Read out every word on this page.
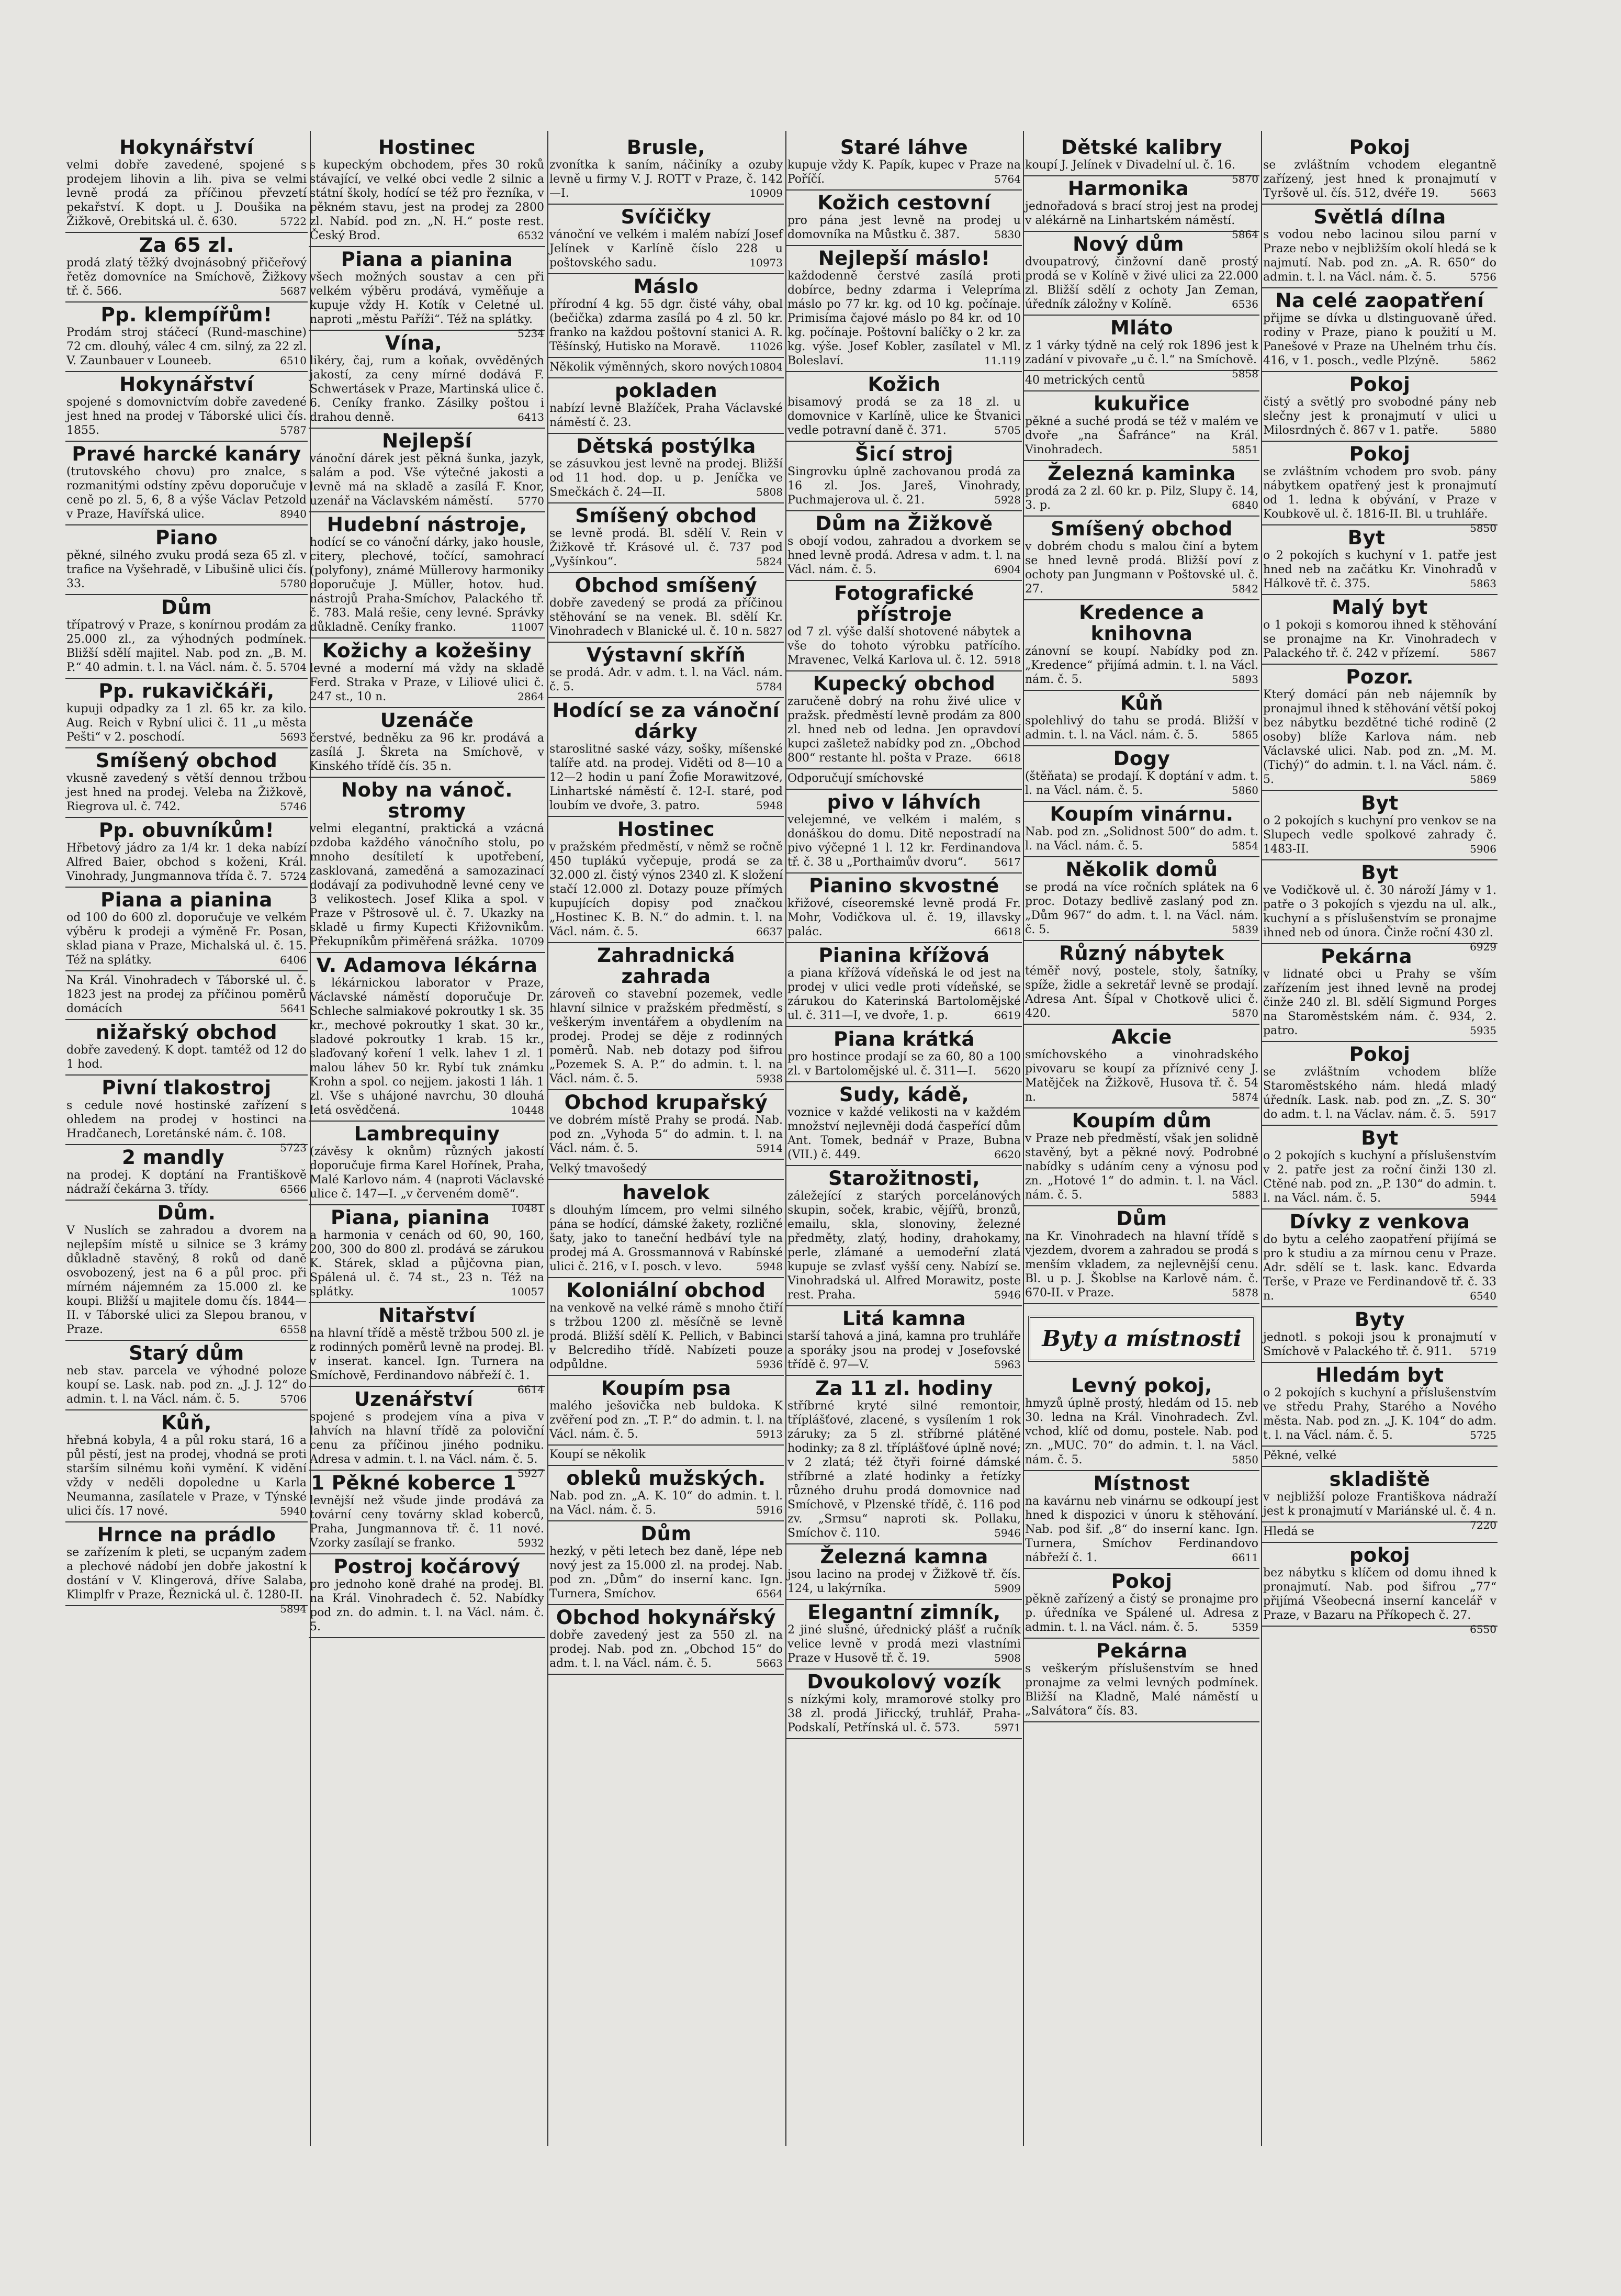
Hokynářství
velmi dobře zavedené, spojené s prodejem lihovin a lih. piva se velmi levně prodá za příčinou převzetí pekařství. K dopt. u J. Doušika na Žižkově, Orebitská ul. č. 630.	5722
Za 65 zl.
prodá zlatý těžký dvojnásobný přičeřový řetěz domovníce na Smíchově, Žižkovy tř. č. 566.	5687
Pp. klempířům!
Prodám stroj stáčecí (Rund-maschine) 72 cm. dlouhý, válec 4 cm. silný, za 22 zl. V. Zaunbauer v Louneeb.	6510
Hokynářství
spojené s domovnictvím dobře zavedené jest hned na prodej v Táborské ulici čís. 1855.	5787
Pravé harcké kanáry
(trutovského chovu) pro znalce, s rozmanitými odstíny zpěvu doporučuje v ceně po zl. 5, 6, 8 a výše Václav Petzold v Praze, Havířská ulice.	8940
Piano
pěkné, silného zvuku prodá seza 65 zl. v trafice na Vyšehradě, v Libušině ulici čís. 33.	5780
Dům
třípatrový v Praze, s konírnou prodám za 25.000 zl., za výhodných podmínek. Bližší sdělí majitel. Nab. pod zn. „B. M. P.“ 40 admin. t. l. na Václ. nám. č. 5. 5704
Pp. rukavičkáři,
kupuji odpadky za 1 zl. 65 kr. za kilo. Aug. Reich v Rybní ulici č. 11 „u města Pešti“ v 2. poschodí.	5693
Smíšený obchod
vkusně zavedený s větší dennou tržbou jest hned na prodej. Veleba na Žižkově, Riegrova ul. č. 742.	5746
Pp. obuvníkům!
Hřbetový jádro za 1/4 kr. 1 deka nabízí Alfred Baier, obchod s koženi, Král. Vinohrady, Jungmannova třída č. 7. 5724
Piana a pianina
od 100 do 600 zl. doporučuje ve velkém výběru k prodeji a výměně Fr. Posan, sklad piana v Praze, Michalská ul. č. 15. Též na splátky.	6406
Na Král. Vinohradech v Táborské ul. č. 1823 jest na prodej za příčinou poměrů domácích	5641
nižařský obchod
dobře zavedený. K dopt. tamtéž od 12 do 1 hod.
Pivní tlakostroj
s cedule nové hostinské zařízení s ohledem na prodej v hostinci na Hradčanech, Loretánské nám. č. 108.
5723
2 mandly
na prodej. K doptání na Františkově nádraží čekárna 3. třídy.	6566
Dům.
V Nuslích se zahradou a dvorem na nejlepším místě u silnice se 3 krámy důkladně stavěný, 8 roků od daně osvobozený, jest na 6 a půl proc. při mírném nájemném za 15.000 zl. ke koupi. Bližší u majitele domu čís. 1844—II. v Táborské ulici za Slepou branou, v Praze.	6558
Starý dům
neb stav. parcela ve výhodné poloze koupí se. Lask. nab. pod zn. „J. J. 12“ do admin. t. l. na Václ. nám. č. 5.	5706
Kůň,
hřebná kobyla, 4 a půl roku stará, 16 a půl pěstí, jest na prodej, vhodná se proti starším silnému koňi vymění. K vidění vždy v neděli dopoledne u Karla Neumanna, zasílatele v Praze, v Týnské ulici čís. 17 nové.	5940
Hrnce na prádlo
se zařízením k pleti, se ucpaným zadem a plechové nádobí jen dobře jakostní k dostání v V. Klingerová, dříve Salaba, Klimplfr v Praze, Řeznická ul. č. 1280-II.
5894
Hostinec
s kupeckým obchodem, přes 30 roků stávající, ve velké obci vedle 2 silnic a státní školy, hodící se též pro řezníka, v pěkném stavu, jest na prodej za 2800 zl. Nabíd. pod zn. „N. H.“ poste rest. Český Brod.	6532
Piana a pianina
všech možných soustav a cen při velkém výběru prodává, vyměňuje a kupuje vždy H. Kotík v Celetné ul. naproti „městu Paříži“. Též na splátky.
5234
Vína,
likéry, čaj, rum a koňak, ovvěděných jakostí, za ceny mírné dodává F. Schwertásek v Praze, Martinská ulice č. 6. Ceníky franko. Zásilky poštou i drahou denně.	6413
Nejlepší
vánoční dárek jest pěkná šunka, jazyk, salám a pod. Vše výtečné jakosti a levně má na skladě a zasílá F. Knor, uzenář na Václavském náměstí. 5770
Hudební nástroje,
hodící se co vánoční dárky, jako housle, citery, plechové, točící, samohrací (polyfony), známé Müllerovy harmoniky doporučuje J. Müller, hotov. hud. nástrojů Praha-Smíchov, Palackého tř. č. 783. Malá rešie, ceny levné. Správky důkladně. Ceníky franko.	11007
Kožichy a kožešiny
levné a moderní má vždy na skladě Ferd. Straka v Praze, v Liliové ulici č. 247 st., 10 n.	2864
Uzenáče
čerstvé, bedněku za 96 kr. prodává a zasílá J. Škreta na Smíchově, v Kinského třídě čís. 35 n.
Noby na vánoč. stromy
velmi elegantní, praktická a vzácná ozdoba každého vánočního stolu, po mnoho desítiletí k upotřebení, zasklovaná, zameděná a samozazinací dodávají za podivuhodně levné ceny ve 3 velikostech. Josef Klika a spol. v Praze v Pštrosově ul. č. 7. Ukazky na skladě u firmy Kupecti Křižovnikům. Překupníkům přiměřená srážka. 10709
V. Adamova lékárna
s lékárnickou laborator v Praze, Václavské náměstí doporučuje Dr. Schleche salmiakové pokroutky 1 sk. 35 kr., mechové pokroutky 1 skat. 30 kr., sladové pokroutky 1 krab. 15 kr., slaďovaný koření 1 velk. lahev 1 zl. 1 malou láhev 50 kr. Rybí tuk známku Krohn a spol. co nejjem. jakosti 1 láh. 1 zl. Vše s uhájoné navrchu, 30 dlouhá letá osvědčená.	10448
Lambrequiny
(závěsy k oknům) různých jakostí doporučuje firma Karel Hořínek, Praha, Malé Karlovo nám. 4 (naproti Václavské ulice č. 147—I. „v červeném domě“.
10481
Piana, pianina
a harmonia v cenách od 60, 90, 160, 200, 300 do 800 zl. prodává se zárukou K. Stárek, sklad a půjčovna pian, Spálená ul. č. 74 st., 23 n. Též na splátky.	10057
Nitařství
na hlavní třídě a městě tržbou 500 zl. je z rodinných poměrů levně na prodej. Bl. v inserat. kancel. Ign. Turnera na Smíchově, Ferdinandovo nábřeží č. 1.
6614
Uzenářství
spojené s prodejem vína a piva v lahvích na hlavní třídě za poloviční cenu za příčinou jiného podniku. Adresa v admin. t. l. na Václ. nám. č. 5.
5927
1 Pěkné koberce 1
levnější než všude jinde prodává za tovární ceny továrny sklad koberců, Praha, Jungmannova tř. č. 11 nové. Vzorky zasílají se franko.	5932
Postroj kočárový
pro jednoho koně drahé na prodej. Bl. na Král. Vinohradech č. 52. Nabídky pod zn. do admin. t. l. na Václ. nám. č. 5.
Brusle,
zvonítka k saním, náčiníky a ozuby levně u firmy V. J. ROTT v Praze, č. 142—I.	10909
Svíčičky
vánoční ve velkém i malém nabízí Josef Jelínek v Karlíně číslo 228 u poštovského sadu.	10973
Máslo
přírodní 4 kg. 55 dgr. čisté váhy, obal (bečička) zdarma zasílá po 4 zl. 50 kr. franko na každou poštovní stanici A. R. Těšínský, Hutisko na Moravě.	11026
Několik výměnných, skoro nových 10804
pokladen
nabízí levně Blažíček, Praha Václavské náměstí č. 23.
Dětská postýlka
se zásuvkou jest levně na prodej. Bližší od 11 hod. dop. u p. Jeníčka ve Smečkách č. 24—II.	5808
Smíšený obchod
se levně prodá. Bl. sdělí V. Rein v Žižkově tř. Krásové ul. č. 737 pod „Vyšínkou“.	5824
Obchod smíšený
dobře zavedený se prodá za příčinou stěhování se na venek. Bl. sdělí Kr. Vinohradech v Blanické ul. č. 10 n. 5827
Výstavní skříň
se prodá. Adr. v adm. t. l. na Václ. nám. č. 5.	5784
Hodící se za vánoční dárky
staroslitné saské vázy, sošky, míšenské talíře atd. na prodej. Viděti od 8—10 a 12—2 hodin u paní Žofie Morawitzové, Linhartské náměstí č. 12-I. staré, pod loubím ve dvoře, 3. patro.	5948
Hostinec
v pražském předměstí, v němž se ročně 450 tuplákú vyčepuje, prodá se za 32.000 zl. čistý výnos 2340 zl. K složení stačí 12.000 zl. Dotazy pouze přímých kupujících dopisy pod značkou „Hostinec K. B. N.“ do admin. t. l. na Václ. nám. č. 5.	6637
Zahradnická zahrada
zároveň co stavební pozemek, vedle hlavní silnice v pražském předměstí, s veškerým inventářem a obydlením na prodej. Prodej se děje z rodinných poměrů. Nab. neb dotazy pod šifrou „Pozemek S. A. P.“ do admin. t. l. na Václ. nám. č. 5.	5938
Obchod krupařský
ve dobrém místě Prahy se prodá. Nab. pod zn. „Vyhoda 5“ do admin. t. l. na Václ. nám. č. 5.	5914
Velký tmavošedý
havelok
s dlouhým límcem, pro velmi silného pána se hodící, dámské žakety, rozličné šaty, jako to taneční hedbáví tyle na prodej má A. Grossmannová v Rabínské ulici č. 216, v I. posch. v levo.	5948
Koloniální obchod
na venkově na velké rámě s mnoho čtiří s tržbou 1200 zl. měsíčně se levně prodá. Bližší sdělí K. Pellich, v Babinci v Belcrediho třídě. Nabízeti pouze odpůldne.	5936
Koupím psa
malého ješovička neb buldoka. K zvěření pod zn. „T. P.“ do admin. t. l. na Václ. nám. č. 5.	5913
Koupí se několik
obleků mužských.
Nab. pod zn. „A. K. 10“ do admin. t. l. na Václ. nám. č. 5.	5916
Dům
hezký, v pěti letech bez daně, lépe neb nový jest za 15.000 zl. na prodej. Nab. pod zn. „Dům“ do inserní kanc. Ign. Turnera, Smíchov.	6564
Obchod hokynářský
dobře zavedený jest za 550 zl. na prodej. Nab. pod zn. „Obchod 15“ do adm. t. l. na Václ. nám. č. 5.	5663
Staré láhve
kupuje vždy K. Papík, kupec v Praze na Poříčí.	5764
Kožich cestovní
pro pána jest levně na prodej u domovníka na Můstku č. 387.	5830
Nejlepší máslo!
každodenně čerstvé zasílá proti dobírce, bedny zdarma i Velepríma máslo po 77 kr. kg. od 10 kg. počínaje. Primisíma čajové máslo po 84 kr. od 10 kg. počínaje. Poštovní balíčky o 2 kr. za kg. výše. Josef Kobler, zasílatel v Ml. Boleslaví.	11.119
Kožich
bisamový prodá se za 18 zl. u domovnice v Karlíně, ulice ke Štvanici vedle potravní daně č. 371.	5705
Šicí stroj
Singrovku úplně zachovanou prodá za 16 zl. Jos. Jareš, Vinohrady, Puchmajerova ul. č. 21.	5928
Dům na Žižkově
s obojí vodou, zahradou a dvorkem se hned levně prodá. Adresa v adm. t. l. na Václ. nám. č. 5.	6904
Fotografické přístroje
od 7 zl. výše další shotovené nábytek a vše do tohoto výrobku patřícího. Mravenec, Velká Karlova ul. č. 12. 5918
Kupecký obchod
zaručeně dobrý na rohu živé ulice v pražsk. předměstí levně prodám za 800 zl. hned neb od ledna. Jen opravdoví kupci zašletež nabídky pod zn. „Obchod 800“ restante hl. pošta v Praze. 6618
Odporučují smíchovské
pivo v láhvích
velejemné, ve velkém i malém, s donáškou do domu. Ditě nepostradí na pivo výčepné 1 l. 12 kr. Ferdinandova tř. č. 38 u „Porthaimův dvoru“.	5617
Pianino skvostné
křižové, císeoremské levně prodá Fr. Mohr, Vodičkova ul. č. 19, illavsky palác.	6618
Pianina křížová
a piana křížová vídeňská le od jest na prodej v ulici vedle proti vídeňské, se zárukou do Katerinská Bartolomějské ul. č. 311—I, ve dvoře, 1. p.	6619
Piana krátká
pro hostince prodají se za 60, 80 a 100 zl. v Bartolomějské ul. č. 311—I. 5620
Sudy, kádě,
voznice v každé velikosti na v každém množství nejlevněji dodá časpeřící dům Ant. Tomek, bednář v Praze, Bubna (VII.) č. 449.	6620
Starožitnosti,
záležející z starých porcelánových skupin, soček, krabic, vějířů, bronzů, emailu, skla, slonoviny, železné předměty, zlatý, hodiny, drahokamy, perle, zlámané a uemodeřní zlatá kupuje se zvlasť vyšší ceny. Nabízí se. Vinohradská ul. Alfred Morawitz, poste rest. Praha.	5946
Litá kamna
starší tahová a jiná, kamna pro truhláře a sporáky jsou na prodej v Josefovské třídě č. 97—V.	5963
Za 11 zl. hodiny
stříbrné kryté silné remontoir, tříplášťové, zlacené, s vysílením 1 rok záruky; za 5 zl. stříbrné plátěné hodinky; za 8 zl. tříplášťové úplně nové; v 2 zlatá; též čtyři foirné dámské stříbrné a zlaté hodinky a řetízky různého druhu prodá domovnice nad Smíchově, v Plzenské třídě, č. 116 pod zv. „Srmsu“ naproti sk. Pollaku, Smíchov č. 110.	5946
Železná kamna
jsou lacino na prodej v Žižkově tř. čís. 124, u lakýrníka.	5909
Elegantní zimník,
2 jiné slušné, úřednický plášť a ručník velice levně v prodá mezi vlastními Praze v Husově tř. č. 19.	5908
Dvoukolový vozík
s nízkými koly, mramorové stolky pro 38 zl. prodá Jiřiccký, truhlář, Praha-Podskalí, Petřínská ul. č. 573.	5971
Dětské kalibry
koupí J. Jelínek v Divadelní ul. č. 16.
5870
Harmonika
jednořadová s brací stroj jest na prodej v alékárně na Linhartském náměstí.
5864
Nový dům
dvoupatrový, činžovní daně prostý prodá se v Kolíně v živé ulici za 22.000 zl. Bližší sdělí z ochoty Jan Zeman, úředník záložny v Kolíně.	6536
Mláto
z 1 várky týdně na celý rok 1896 jest k zadání v pivovaře „u č. l.“ na Smíchově.
5858
40 metrických centů
kukuřice
pěkné a suché prodá se též v malém ve dvoře „na Šafránce“ na Král. Vinohradech.	5851
Železná kaminka
prodá za 2 zl. 60 kr. p. Pilz, Slupy č. 14, 3. p.	6840
Smíšený obchod
v dobrém chodu s malou činí a bytem se hned levně prodá. Bližší poví z ochoty pan Jungmann v Poštovské ul. č. 27.	5842
Kredence a knihovna
zánovní se koupí. Nabídky pod zn. „Kredence“ přijímá admin. t. l. na Václ. nám. č. 5.	5893
Kůň
spolehlivý do tahu se prodá. Bližší v admin. t. l. na Václ. nám. č. 5.	5865
Dogy
(štěňata) se prodají. K doptání v adm. t. l. na Václ. nám. č. 5.	5860
Koupím vinárnu.
Nab. pod zn. „Solidnost 500“ do adm. t. l. na Václ. nám. č. 5.	5854
Několik domů
se prodá na více ročních splátek na 6 proc. Dotazy bedlivě zaslaný pod zn. „Dům 967“ do adm. t. l. na Václ. nám. č. 5.	5839
Různý nábytek
téměř nový, postele, stoly, šatníky, spíže, židle a sekretář levně se prodají. Adresa Ant. Šípal v Chotkově ulici č. 420.	5870
Akcie
smíchovského a vinohradského pivovaru se koupí za příznivé ceny J. Matějček na Žižkově, Husova tř. č. 54 n.	5874
Koupím dům
v Praze neb předměstí, však jen solidně stavěný, byt a pěkné nový. Podrobné nabídky s udáním ceny a výnosu pod zn. „Hotové 1“ do admin. t. l. na Václ. nám. č. 5.	5883
Dům
na Kr. Vinohradech na hlavní třídě s vjezdem, dvorem a zahradou se prodá s menším vkladem, za nejlevnější cenu. Bl. u p. J. Škoblse na Karlově nám. č. 670-II. v Praze.	5878
Byty a místnosti
Levný pokoj,
hmyzů úplně prostý, hledám od 15. neb 30. ledna na Král. Vinohradech. Zvl. vchod, klíč od domu, postele. Nab. pod zn. „MUC. 70“ do admin. t. l. na Václ. nám. č. 5.	5850
Místnost
na kavárnu neb vinárnu se odkoupí jest hned k dispozici v únoru k stěhování. Nab. pod šif. „8“ do inserní kanc. Ign. Turnera, Smíchov Ferdinandovo nábřeží č. 1.	6611
Pokoj
pěkně zařízený a čistý se pronajme pro p. úředníka ve Spálené ul. Adresa z admin. t. l. na Václ. nám. č. 5.	5359
Pekárna
s veškerým příslušenstvím se hned pronajme za velmi levných podmínek. Bližší na Kladně, Malé náměstí u „Salvátora“ čís. 83.
Pokoj
se zvláštním vchodem elegantně zařízený, jest hned k pronajmutí v Tyršově ul. čís. 512, dvéře 19.	5663
Světlá dílna
s vodou nebo lacinou silou parní v Praze nebo v nejbližším okolí hledá se k najmutí. Nab. pod zn. „A. R. 650“ do admin. t. l. na Václ. nám. č. 5.	5756
Na celé zaopatření
přijme se dívka u dlstinguovaně úřed. rodiny v Praze, piano k použití u M. Panešové v Praze na Uhelném trhu čís. 416, v 1. posch., vedle Plzýně.	5862
Pokoj
čistý a světlý pro svobodné pány neb slečny jest k pronajmutí v ulici u Milosrdných č. 867 v 1. patře.	5880
Pokoj
se zvláštním vchodem pro svob. pány nábytkem opatřený jest k pronajmutí od 1. ledna k obývání, v Praze v Koubkově ul. č. 1816-II. Bl. u truhláře.
5850
Byt
o 2 pokojích s kuchyní v 1. patře jest hned neb na začátku Kr. Vinohradů v Hálkově tř. č. 375.	5863
Malý byt
o 1 pokoji s komorou ihned k stěhování se pronajme na Kr. Vinohradech v Palackého tř. č. 242 v přízemí.	5867
Pozor.
Který domácí pán neb nájemník by pronajmul ihned k stěhování větší pokoj bez nábytku bezdětné tiché rodině (2 osoby) blíže Karlova nám. neb Václavské ulici. Nab. pod zn. „M. M. (Tichý)“ do admin. t. l. na Václ. nám. č. 5.	5869
Byt
o 2 pokojích s kuchyní pro venkov se na Slupech vedle spolkové zahrady č. 1483-II.	5906
Byt
ve Vodičkově ul. č. 30 nároží Jámy v 1. patře o 3 pokojích s vjezdu na ul. alk., kuchyní a s příslušenstvím se pronajme ihned neb od února. Činže roční 430 zl.
6929
Pekárna
v lidnaté obci u Prahy se vším zařízením jest ihned levně na prodej činže 240 zl. Bl. sdělí Sigmund Porges na Staroměstském nám. č. 934, 2. patro.	5935
Pokoj
se zvláštním vchodem blíže Staroměstského nám. hledá mladý úředník. Lask. nab. pod zn. „Z. S. 30“ do adm. t. l. na Václav. nám. č. 5. 5917
Byt
o 2 pokojích s kuchyní a příslušenstvím v 2. patře jest za roční činži 130 zl. Ctěné nab. pod zn. „P. 130“ do admin. t. l. na Václ. nám. č. 5.	5944
Dívky z venkova
do bytu a celého zaopatření přijímá se pro k studiu a za mírnou cenu v Praze. Adr. sdělí se t. lask. kanc. Edvarda Terše, v Praze ve Ferdinandově tř. č. 33 n.	6540
Byty
jednotl. s pokoji jsou k pronajmutí v Smíchově v Palackého tř. č. 911. 5719
Hledám byt
o 2 pokojích s kuchyní a příslušenstvím ve středu Prahy, Starého a Nového města. Nab. pod zn. „J. K. 104“ do adm. t. l. na Václ. nám. č. 5.	5725
Pěkné, velké
skladiště
v nejbližší poloze Františkova nádraží jest k pronajmutí v Mariánské ul. č. 4 n.
7220
Hledá se
pokoj
bez nábytku s klíčem od domu ihned k pronajmutí. Nab. pod šifrou „77“ přijímá Všeobecná inserní kancelář v Praze, v Bazaru na Příkopech č. 27.
6550
